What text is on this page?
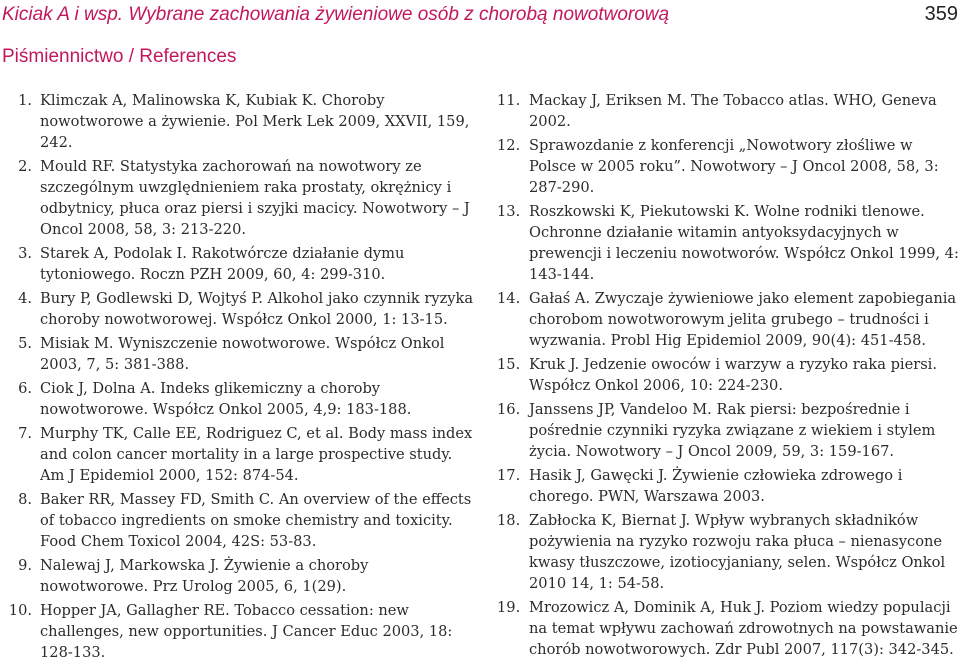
Kiciak A i wsp. Wybrane zachowania żywieniowe osób z chorobą nowotworową	359
Piśmiennictwo / References
1. Klimczak A, Malinowska K, Kubiak K. Choroby nowotworowe a żywienie. Pol Merk Lek 2009, XXVII, 159, 242.
2. Mould RF. Statystyka zachorowań na nowotwory ze szczególnym uwzględnieniem raka prostaty, okrężnicy i odbytnicy, płuca oraz piersi i szyjki macicy. Nowotwory – J Oncol 2008, 58, 3: 213-220.
3. Starek A, Podolak I. Rakotwórcze działanie dymu tytoniowego. Roczn PZH 2009, 60, 4: 299-310.
4. Bury P, Godlewski D, Wojtyś P. Alkohol jako czynnik ryzyka choroby nowotworowej. Współcz Onkol 2000, 1: 13-15.
5. Misiak M. Wyniszczenie nowotworowe. Współcz Onkol 2003, 7, 5: 381-388.
6. Ciok J, Dolna A. Indeks glikemiczny a choroby nowotworowe. Współcz Onkol 2005, 4,9: 183-188.
7. Murphy TK, Calle EE, Rodriguez C, et al. Body mass index and colon cancer mortality in a large prospective study. Am J Epidemiol 2000, 152: 874-54.
8. Baker RR, Massey FD, Smith C. An overview of the effects of tobacco ingredients on smoke chemistry and toxicity. Food Chem Toxicol 2004, 42S: 53-83.
9. Nalewaj J, Markowska J. Żywienie a choroby nowotworowe. Prz Urolog 2005, 6, 1(29).
10. Hopper JA, Gallagher RE. Tobacco cessation: new challenges, new opportunities. J Cancer Educ 2003, 18: 128-133.
11. Mackay J, Eriksen M. The Tobacco atlas. WHO, Geneva 2002.
12. Sprawozdanie z konferencji „Nowotwory złośliwe w Polsce w 2005 roku”. Nowotwory – J Oncol 2008, 58, 3: 287-290.
13. Roszkowski K, Piekutowski K. Wolne rodniki tlenowe. Ochronne działanie witamin antyoksydacyjnych w prewencji i leczeniu nowotworów. Współcz Onkol 1999, 4: 143-144.
14. Gałaś A. Zwyczaje żywieniowe jako element zapobiegania chorobom nowotworowym jelita grubego – trudności i wyzwania. Probl Hig Epidemiol 2009, 90(4): 451-458.
15. Kruk J. Jedzenie owoców i warzyw a ryzyko raka piersi. Współcz Onkol 2006, 10: 224-230.
16. Janssens JP, Vandeloo M. Rak piersi: bezpośrednie i pośrednie czynniki ryzyka związane z wiekiem i stylem życia. Nowotwory – J Oncol 2009, 59, 3: 159-167.
17. Hasik J, Gawęcki J. Żywienie człowieka zdrowego i chorego. PWN, Warszawa 2003.
18. Zabłocka K, Biernat J. Wpływ wybranych składników pożywienia na ryzyko rozwoju raka płuca – nienasycone kwasy tłuszczowe, izotiocyjaniany, selen. Współcz Onkol 2010 14, 1: 54-58.
19. Mrozowicz A, Dominik A, Huk J. Poziom wiedzy populacji na temat wpływu zachowań zdrowotnych na powstawanie chorób nowotworowych. Zdr Publ 2007, 117(3): 342-345.
